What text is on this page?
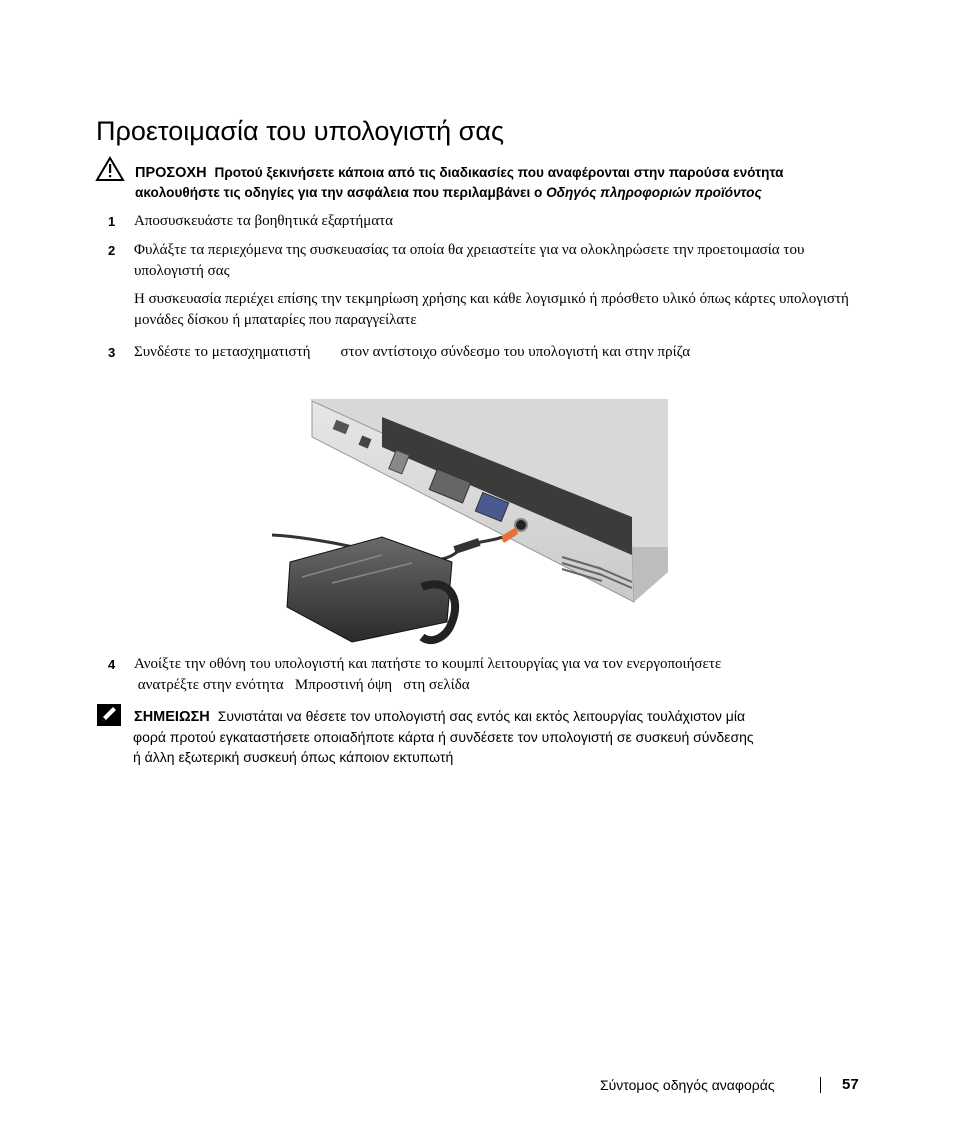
Προετοιμασία του υπολογιστή σας
ΠΡΟΣΟΧΗ Προτού ξεκινήσετε κάποια από τις διαδικασίες που αναφέρονται στην παρούσα ενότητα
ακολουθήστε τις οδηγίες για την ασφάλεια που περιλαμβάνει ο Οδηγός πληροφοριών προϊόντος
1 Αποσυσκευάστε τα βοηθητικά εξαρτήματα
2 Φυλάξτε τα περιεχόμενα της συσκευασίας τα οποία θα χρειαστείτε για να ολοκληρώσετε την προετοιμασία του υπολογιστή σας
Η συσκευασία περιέχει επίσης την τεκμηρίωση χρήσης και κάθε λογισμικό ή πρόσθετο υλικό όπως κάρτες υπολογιστή μονάδες δίσκου ή μπαταρίες που παραγγείλατε
3 Συνδέστε το μετασχηματιστή        στον αντίστοιχο σύνδεσμο του υπολογιστή και στην πρίζα
4 Ανοίξτε την οθόνη του υπολογιστή και πατήστε το κουμπί λειτουργίας για να τον ενεργοποιήσετε
ανατρέξτε στην ενότητα   Μπροστινή όψη   στη σελίδα
ΣΗΜΕΙΩΣΗ Συνιστάται να θέσετε τον υπολογιστή σας εντός και εκτός λειτουργίας τουλάχιστον μία
φορά προτού εγκαταστήσετε οποιαδήποτε κάρτα ή συνδέσετε τον υπολογιστή σε συσκευή σύνδεσης
ή άλλη εξωτερική συσκευή όπως κάποιον εκτυπωτή
Σύντομος οδηγός αναφοράς	57
